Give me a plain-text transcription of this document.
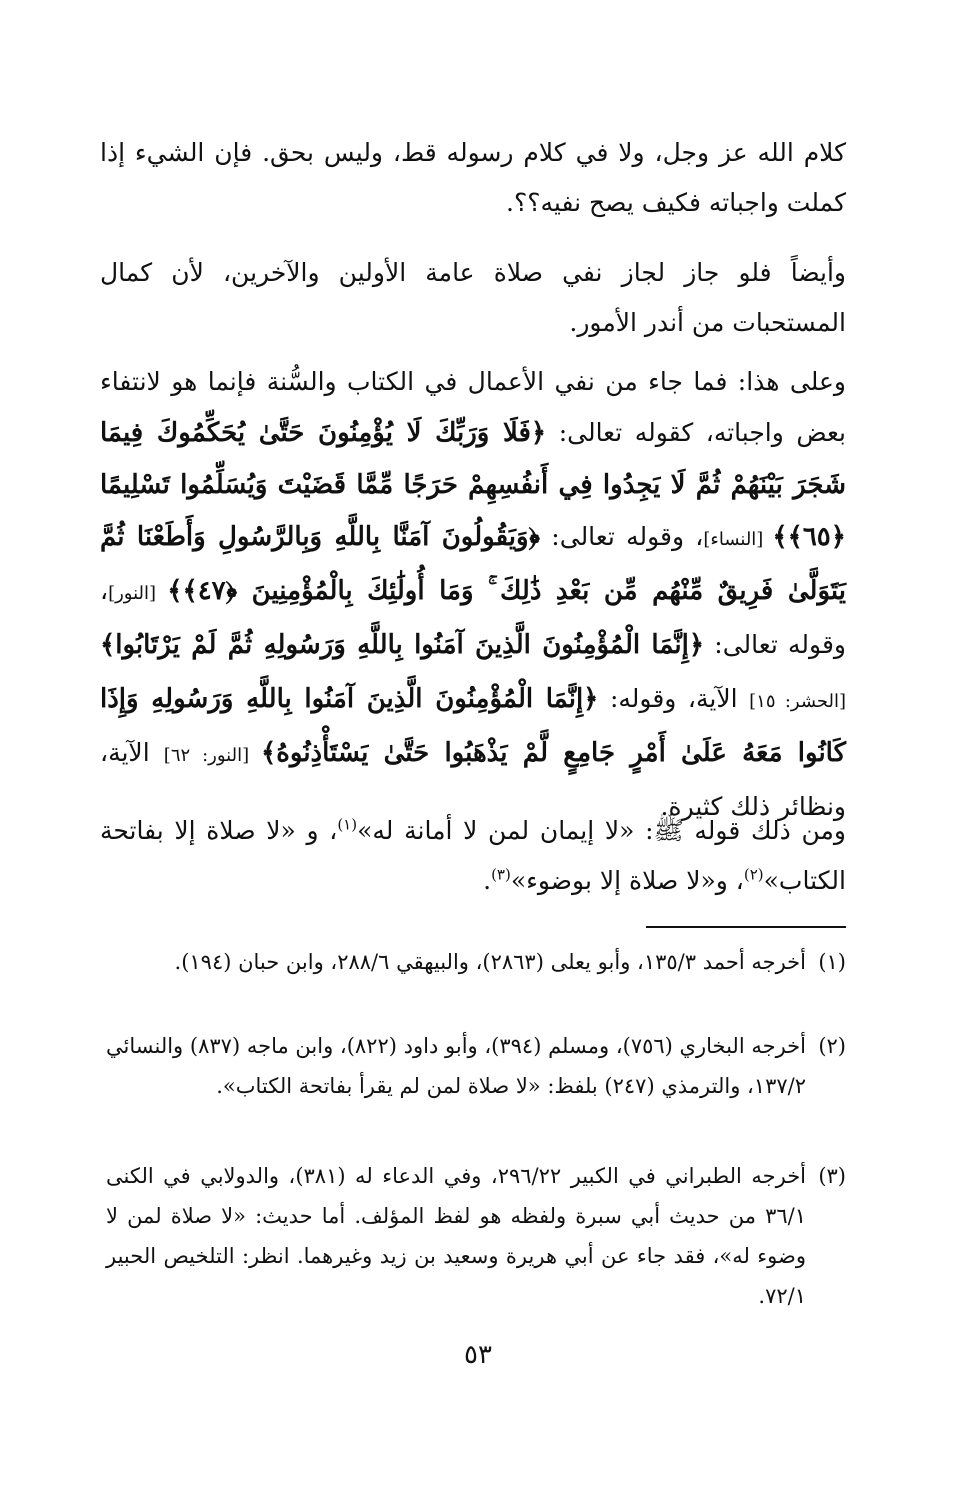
كلام الله عز وجل، ولا في كلام رسوله قط، وليس بحق. فإن الشيء إذا كملت واجباته فكيف يصح نفيه؟؟.

وأيضاً فلو جاز لجاز نفي صلاة عامة الأولين والآخرين، لأن كمال المستحبات من أندر الأمور.

وعلى هذا: فما جاء من نفي الأعمال في الكتاب والسُّنة فإنما هو لانتفاء بعض واجباته، كقوله تعالى: ﴿فَلَا وَرَبِّكَ لَا يُؤْمِنُونَ حَتَّىٰ يُحَكِّمُوكَ فِيمَا شَجَرَ بَيْنَهُمْ ثُمَّ لَا يَجِدُوا فِي أَنفُسِهِمْ حَرَجًا مِّمَّا قَضَيْتَ وَيُسَلِّمُوا تَسْلِيمًا ﴿٦٥﴾﴾ [النساء]، وقوله تعالى: ﴿وَيَقُولُونَ آمَنَّا بِاللَّهِ وَبِالرَّسُولِ وَأَطَعْنَا ثُمَّ يَتَوَلَّىٰ فَرِيقٌ مِّنْهُم مِّن بَعْدِ ذَٰلِكَ ۚ وَمَا أُولَٰئِكَ بِالْمُؤْمِنِينَ ﴿٤٧﴾﴾ [النور]، وقوله تعالى: ﴿إِنَّمَا الْمُؤْمِنُونَ الَّذِينَ آمَنُوا بِاللَّهِ وَرَسُولِهِ ثُمَّ لَمْ يَرْتَابُوا﴾ [الحشر: ١٥] الآية، وقوله: ﴿إِنَّمَا الْمُؤْمِنُونَ الَّذِينَ آمَنُوا بِاللَّهِ وَرَسُولِهِ وَإِذَا كَانُوا مَعَهُ عَلَىٰ أَمْرٍ جَامِعٍ لَّمْ يَذْهَبُوا حَتَّىٰ يَسْتَأْذِنُوهُ﴾ [النور: ٦٢] الآية، ونظائر ذلك كثيرة.

ومن ذلك قوله ﷺ: «لا إيمان لمن لا أمانة له»$^{(١)}$، و «لا صلاة إلا بفاتحة الكتاب»$^{(٢)}$، و«لا صلاة إلا بوضوء»$^{(٣)}$.

(١)أخرجه أحمد ١٣٥/٣، وأبو يعلى (٢٨٦٣)، والبيهقي ٢٨٨/٦، وابن حبان (١٩٤).

(٢)أخرجه البخاري (٧٥٦)، ومسلم (٣٩٤)، وأبو داود (٨٢٢)، وابن ماجه (٨٣٧) والنسائي ١٣٧/٢، والترمذي (٢٤٧) بلفظ: «لا صلاة لمن لم يقرأ بفاتحة الكتاب».

(٣)أخرجه الطبراني في الكبير ٢٩٦/٢٢، وفي الدعاء له (٣٨١)، والدولابي في الكنى ٣٦/١ من حديث أبي سبرة ولفظه هو لفظ المؤلف. أما حديث: «لا صلاة لمن لا وضوء له»، فقد جاء عن أبي هريرة وسعيد بن زيد وغيرهما. انظر: التلخيص الحبير ٧٢/١.

٥٣
